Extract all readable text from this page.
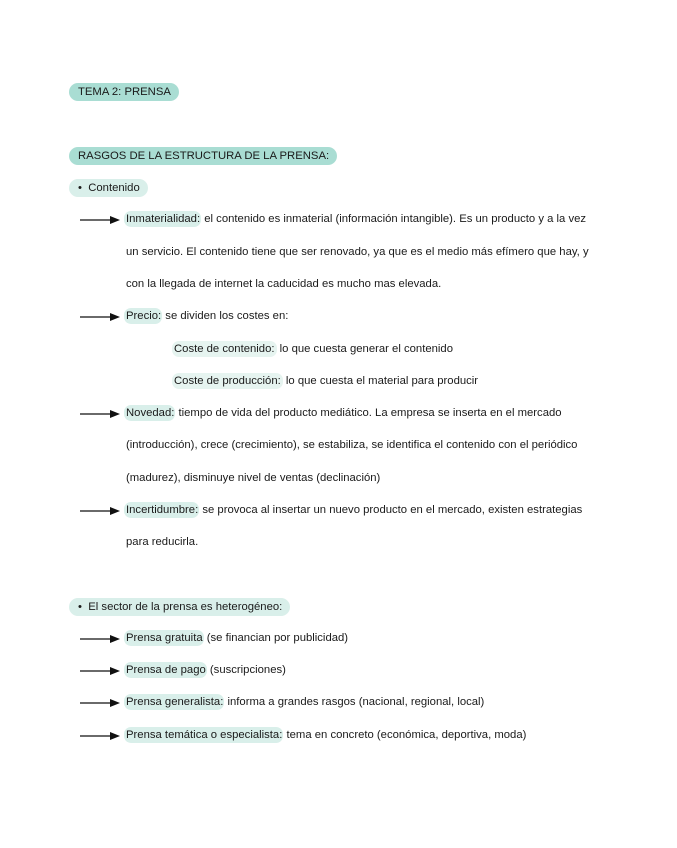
TEMA 2: PRENSA
RASGOS DE LA ESTRUCTURA DE LA PRENSA:
•  Contenido
Inmaterialidad: el contenido es inmaterial (información intangible). Es un producto y a la vez
un servicio. El contenido tiene que ser renovado, ya que es el medio más efímero que hay, y
con la llegada de internet la caducidad es mucho mas elevada.
Precio: se dividen los costes en:
Coste de contenido: lo que cuesta generar el contenido
Coste de producción: lo que cuesta el material para producir
Novedad: tiempo de vida del producto mediático. La empresa se inserta en el mercado
(introducción), crece (crecimiento), se estabiliza, se identifica el contenido con el periódico
(madurez), disminuye nivel de ventas (declinación)
Incertidumbre: se provoca al insertar un nuevo producto en el mercado, existen estrategias
para reducirla.
•  El sector de la prensa es heterogéneo:
Prensa gratuita (se financian por publicidad)
Prensa de pago (suscripciones)
Prensa generalista: informa a grandes rasgos (nacional, regional, local)
Prensa temática o especialista: tema en concreto (económica, deportiva, moda)
